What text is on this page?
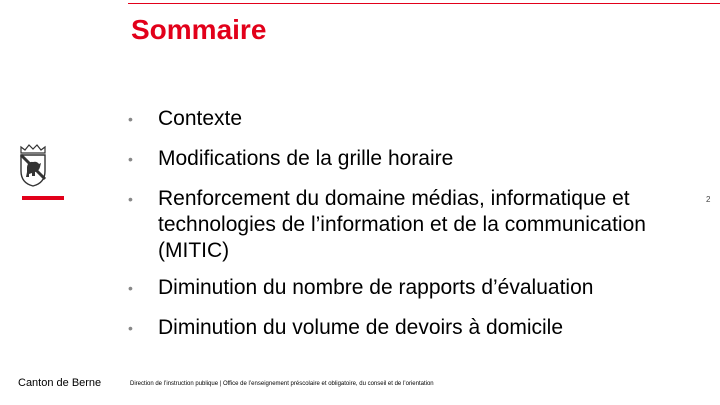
Sommaire
2
• Contexte
• Modifications de la grille horaire
• Renforcement du domaine médias, informatique et technologies de l’information et de la communication (MITIC)
• Diminution du nombre de rapports d’évaluation
• Diminution du volume de devoirs à domicile
Canton de Berne	Direction de l’instruction publique | Office de l’enseignement préscolaire et obligatoire, du conseil et de l’orientation
